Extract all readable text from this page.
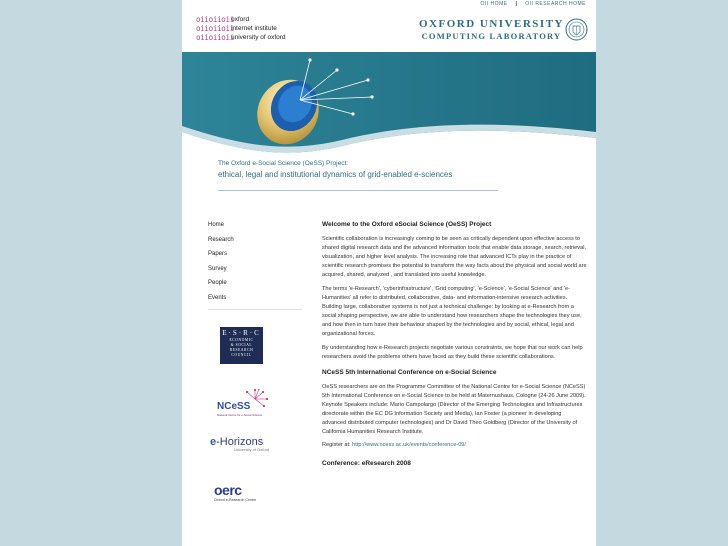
OII HOME | OII RESEARCH HOME
oiioiioii
oxford
oiioiioii
internet institute
oiioiioii
university of oxford
OXFORD UNIVERSITY
COMPUTING LABORATORY
The Oxford e-Social Science (OeSS) Project:
ethical, legal and institutional dynamics of grid-enabled e-sciences
Home
Research
Papers
Survey
People
Events
E·S·R·C
ECONOMIC
& SOCIAL
RESEARCH
COUNCIL
NCeSS
National Centre for e-Social Science
e-Horizons
University of Oxford
oerc
Oxford e-Research Centre
Welcome to the Oxford eSocial Science (OeSS) Project

Scientific collaboration is increasingly coming to be seen as critically dependent upon effective access to shared digital research data and the advanced information tools that enable data storage, search, retrieval, visualization, and higher level analysis. The increasing role that advanced ICTs play in the practice of scientific research promises the potential to transform the way facts about the physical and social world are acquired, shared, analyzed , and translated into useful knowledge.

The terms 'e-Research', 'cyberinfrastructure', 'Grid computing', 'e-Science', 'e-Social Science' and 'e-Humanities' all refer to distributed, collaborative, data- and information-intensive research activities. Building large, collaborative systems is not just a technical challenge: by looking at e-Research from a social shaping perspective, we are able to understand how researchers shape the technologies they use, and how then in turn have their behaviour shaped by the technologies and by social, ethical, legal and organizational forces.

By understanding how e-Research projects negotiate various constraints, we hope that our work can help researchers avoid the problems others have faced as they build these scientific collaborations.

NCeSS 5th International Conference on e-Social Science

OeSS researchers are on the Programme Committee of the National Centre for e-Social Science (NCeSS) 5th International Conference on e-Social Science to be held at Maternushaus, Cologne (24-26 June 2009). Keynote Speakers include: Mario Campolargo (Director of the Emerging Technologies and Infrastructures directorate within the EC DG Information Society and Media), Ian Foster (a pioneer in developing advanced distributed computer technologies) and Dr David Theo Goldberg (Director of the University of California Humanities Research Institute.

Register at: http://www.ncess.ac.uk/events/conference-09/
Conference: eResearch 2008
